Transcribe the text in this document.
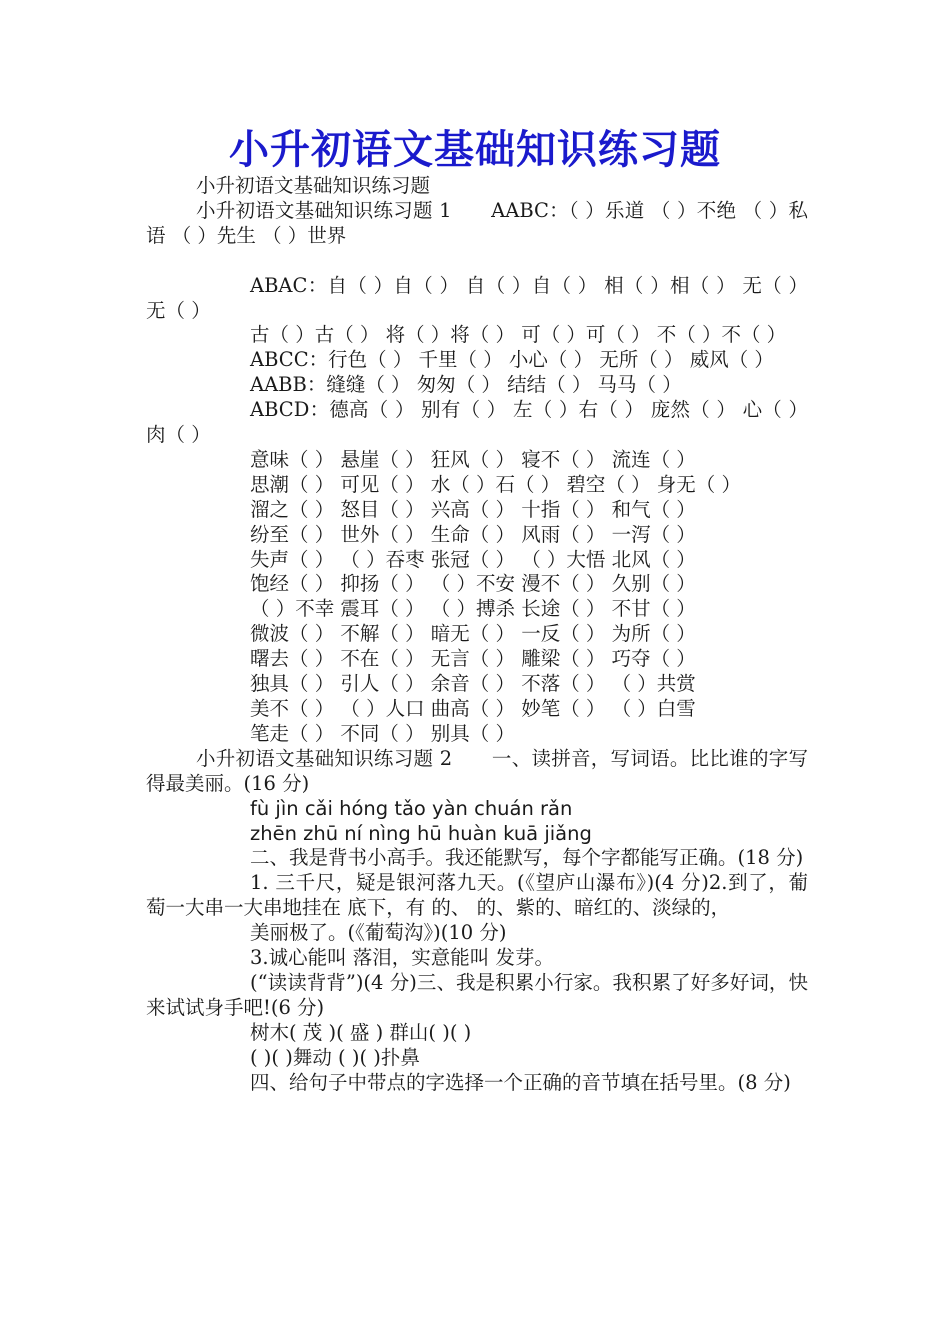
小升初语文基础知识练习题

小升初语文基础知识练习题

小升初语文基础知识练习题 1　　AABC：（ ）乐道 （ ）不绝 （ ）私语 （ ）先生 （ ）世界

ABAC：自（ ）自（ ） 自（ ）自（ ） 相（ ）相（ ） 无（ ）无（ ）

古（ ）古（ ） 将（ ）将（ ） 可（ ）可（ ） 不（ ）不（ ）

ABCC：行色（ ） 千里（ ） 小心（ ） 无所（ ） 威风（ ）

AABB：缝缝（ ） 匆匆（ ） 结结（ ） 马马（ ）

ABCD：德高（ ） 别有（ ） 左（ ）右（ ） 庞然（ ） 心（ ）肉（ ）

意味（ ） 悬崖（ ） 狂风（ ） 寝不（ ） 流连（ ）

思潮（ ） 可见（ ） 水（ ）石（ ） 碧空（ ） 身无（ ）

溜之（ ） 怒目（ ） 兴高（ ） 十指（ ） 和气（ ）

纷至（ ） 世外（ ） 生命（ ） 风雨（ ） 一泻（ ）

失声（ ） （ ）吞枣 张冠（ ） （ ）大悟 北风（ ）

饱经（ ） 抑扬（ ） （ ）不安 漫不（ ） 久别（ ）

（ ）不幸 震耳（ ） （ ）搏杀 长途（ ） 不甘（ ）

微波（ ） 不解（ ） 暗无（ ） 一反（ ） 为所（ ）

曙去（ ） 不在（ ） 无言（ ） 雕梁（ ） 巧夺（ ）

独具（ ） 引人（ ） 余音（ ） 不落（ ） （ ）共赏

美不（ ） （ ）人口 曲高（ ） 妙笔（ ） （ ）白雪

笔走（ ） 不同（ ） 别具（ ）

小升初语文基础知识练习题 2　　一、读拼音，写词语。比比谁的字写得最美丽。(16 分)

fù jìn cǎi hóng tǎo yàn chuán rǎn

zhēn zhū ní nìng hū huàn kuā jiǎng

二、我是背书小高手。我还能默写，每个字都能写正确。(18 分)

1. 三千尺，疑是银河落九天。(《望庐山瀑布》)(4 分)2.到了，葡萄一大串一大串地挂在 底下，有 的、 的、紫的、暗红的、淡绿的，

美丽极了。(《葡萄沟》)(10 分)

3.诚心能叫 落泪，实意能叫 发芽。

(“读读背背”)(4 分)三、我是积累小行家。我积累了好多好词，快来试试身手吧!(6 分)

树木( 茂 )( 盛 ) 群山( )( )

( )( )舞动 ( )( )扑鼻

四、给句子中带点的字选择一个正确的音节填在括号里。(8 分)
